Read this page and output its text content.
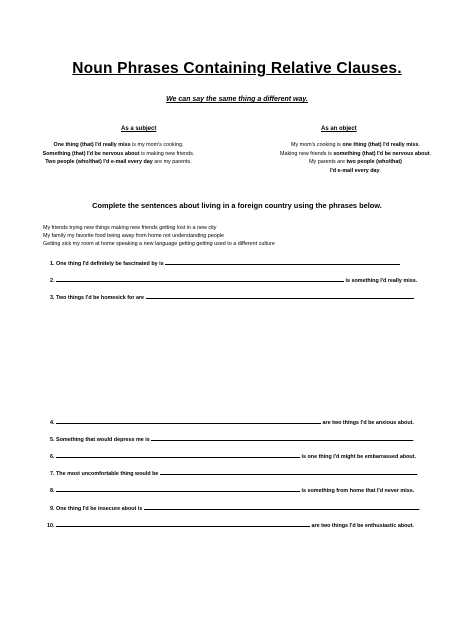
Noun Phrases Containing Relative Clauses.
We can say the same thing a different way.
As a subject	As an object
One thing (that) I'd really miss is my mom's cooking.
Something (that) I'd be nervous about is making new friends.
Two people (who/that) I'd e-mail every day are my parents.
My mom's cooking is one thing (that) I'd really miss.
Making new friends is something (that) I'd be nervous about.
My parents are two people (who/that)
I'd e-mail every day.
Complete the sentences about living in a foreign country using the phrases below.
My friends trying new things making new friends getting lost in a new city
My family my favorite food being away from home not understanding people
Getting sick my room at home speaking a new language getting getting used to a different culture
1. One thing I'd definitely be fascinated by is
2.	is something I'd really miss.
3. Two things I'd be homesick for are
4.	are two things I'd be anxious about.
5. Something that would depress me is	.
6.	is one thing I'd might be embarrassed about.
7. The most uncomfortable thing would be	.
8.	is something from home that I'd never miss.
9. One thing I'd be insecure about is	.
10.	are two things I'd be enthusiastic about.
